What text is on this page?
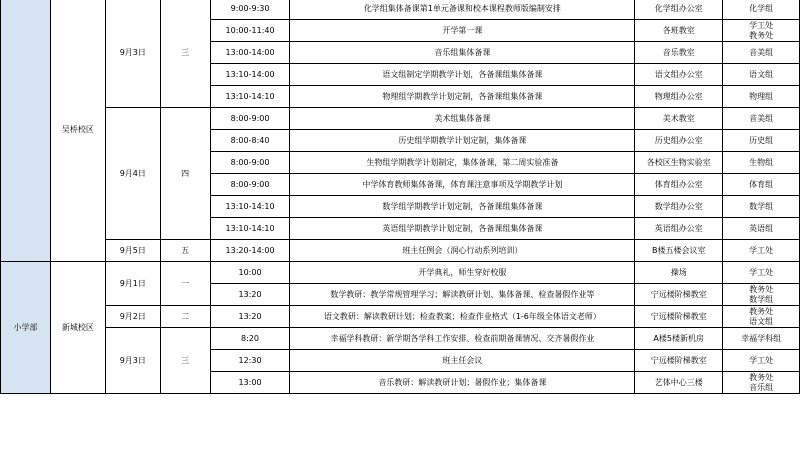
	吴桥校区	9月3日	三	9:00-9:30	化学组集体备课第1单元备课和校本课程教师版编制安排	化学组办公室	化学组
				10:00-11:40	开学第一课	各班教室	学工处
教务处
				13:00-14:00	音乐组集体备课	音乐教室	音美组
				13:10-14:00	语文组制定学期教学计划，各备课组集体备课	语文组办公室	语文组
				13:10-14:10	物理组学期教学计划定制，各备课组集体备课	物理组办公室	物理组
		9月4日	四	8:00-9:00	美术组集体备课	美术教室	音美组
				8:00-8:40	历史组学期教学计划定制，集体备课	历史组办公室	历史组
				8:00-9:00	生物组学期教学计划制定，集体备课，第二周实验准备	各校区生物实验室	生物组
				8:00-9:00	中学体育教师集体备课，体育课注意事项及学期教学计划	体育组办公室	体育组
				13:10-14:10	数学组学期教学计划定制，各备课组集体备课	数学组办公室	数学组
				13:10-14:10	英语组学期教学计划定制，各备课组集体备课	英语组办公室	英语组
		9月5日	五	13:20-14:00	班主任例会（润心行动系列培训）	B楼五楼会议室	学工处
小学部	新城校区	9月1日	一	10:00	开学典礼，师生穿好校服	操场	学工处
				13:20	数学教研：教学常规管理学习；解读教研计划、集体备课、检查暑假作业等	宁远楼阶梯教室	教务处
数学组
		9月2日	二	13:20	语文教研：解读教研计划；检查教案；检查作业格式（1-6年级全体语文老师）	宁远楼阶梯教室	教务处
语文组
		9月3日	三	8:20	幸福学科教研：新学期各学科工作安排、检查前期备课情况、交齐暑假作业	A楼5楼新机房	幸福学科组
				12:30	班主任会议	宁远楼阶梯教室	学工处
				13:00	音乐教研：解读教研计划；暑假作业；集体备课	艺体中心三楼	教务处
音乐组
